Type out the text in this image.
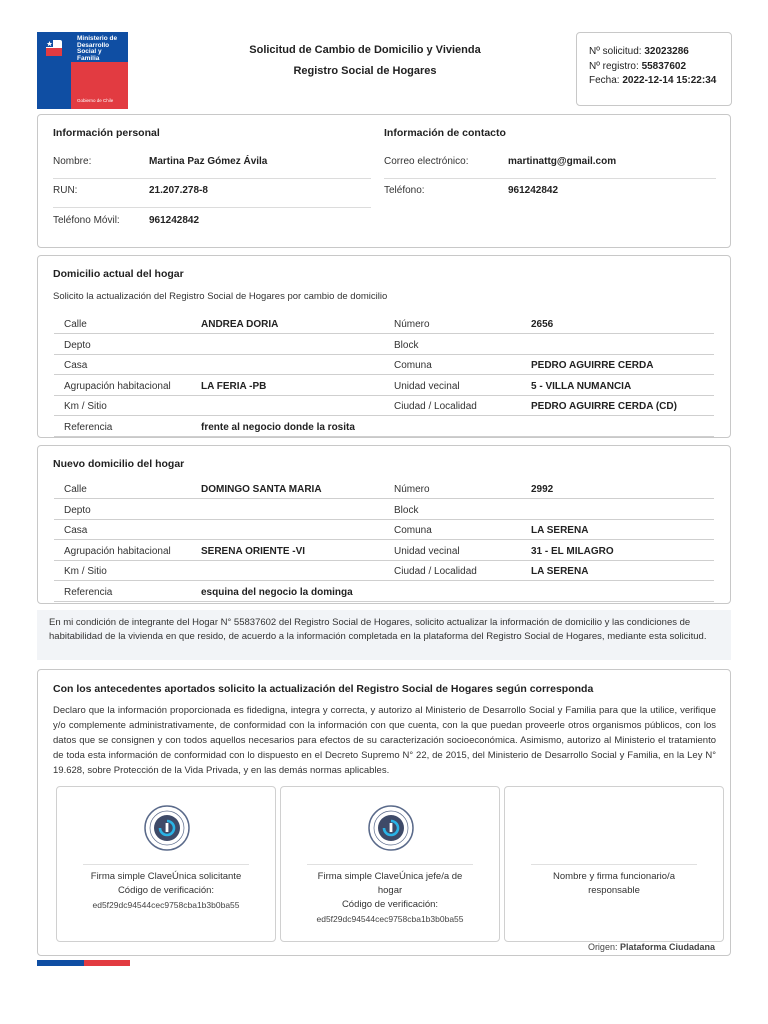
Ministerio de Desarrollo Social y Familia
Gobierno de Chile
Solicitud de Cambio de Domicilio y Vivienda
Registro Social de Hogares
Nº solicitud: 32023286
Nº registro: 55837602
Fecha: 2022-12-14 15:22:34
Información personal	Información de contacto
Nombre:	Martina Paz Gómez Ávila	Correo electrónico:	martinattg@gmail.com
RUN:	21.207.278-8	Teléfono:	961242842
Teléfono Móvil:	961242842
Domicilio actual del hogar
Solicito la actualización del Registro Social de Hogares por cambio de domicilio
Calle	ANDREA DORIA	Número	2656
Depto	Block
Casa	Comuna	PEDRO AGUIRRE CERDA
Agrupación habitacional	LA FERIA -PB	Unidad vecinal	5 - VILLA NUMANCIA
Km / Sitio	Ciudad / Localidad	PEDRO AGUIRRE CERDA (CD)
Referencia	frente al negocio donde la rosita
Nuevo domicilio del hogar
Calle	DOMINGO SANTA MARIA	Número	2992
Depto	Block
Casa	Comuna	LA SERENA
Agrupación habitacional	SERENA ORIENTE -VI	Unidad vecinal	31 - EL MILAGRO
Km / Sitio	Ciudad / Localidad	LA SERENA
Referencia	esquina del negocio la dominga
En mi condición de integrante del Hogar N° 55837602 del Registro Social de Hogares, solicito actualizar la información de domicilio y las condiciones de habitabilidad de la vivienda en que resido, de acuerdo a la información completada en la plataforma del Registro Social de Hogares, mediante esta solicitud.
Con los antecedentes aportados solicito la actualización del Registro Social de Hogares según corresponda
Declaro que la información proporcionada es fidedigna, integra y correcta, y autorizo al Ministerio de Desarrollo Social y Familia para que la utilice, verifique y/o complemente administrativamente, de conformidad con la información con que cuenta, con la que puedan proveerle otros organismos públicos, con los datos que se consignen y con todos aquellos necesarios para efectos de su caracterización socioeconómica. Asimismo, autorizo al Ministerio el tratamiento de toda esta información de conformidad con lo dispuesto en el Decreto Supremo N° 22, de 2015, del Ministerio de Desarrollo Social y Familia, en la Ley N° 19.628, sobre Protección de la Vida Privada, y en las demás normas aplicables.
Firma simple ClaveÚnica solicitante
Código de verificación:
ed5f29dc94544cec9758cba1b3b0ba55
Firma simple ClaveÚnica jefe/a de hogar
Código de verificación:
ed5f29dc94544cec9758cba1b3b0ba55
Nombre y firma funcionario/a responsable
Origen: Plataforma Ciudadana
